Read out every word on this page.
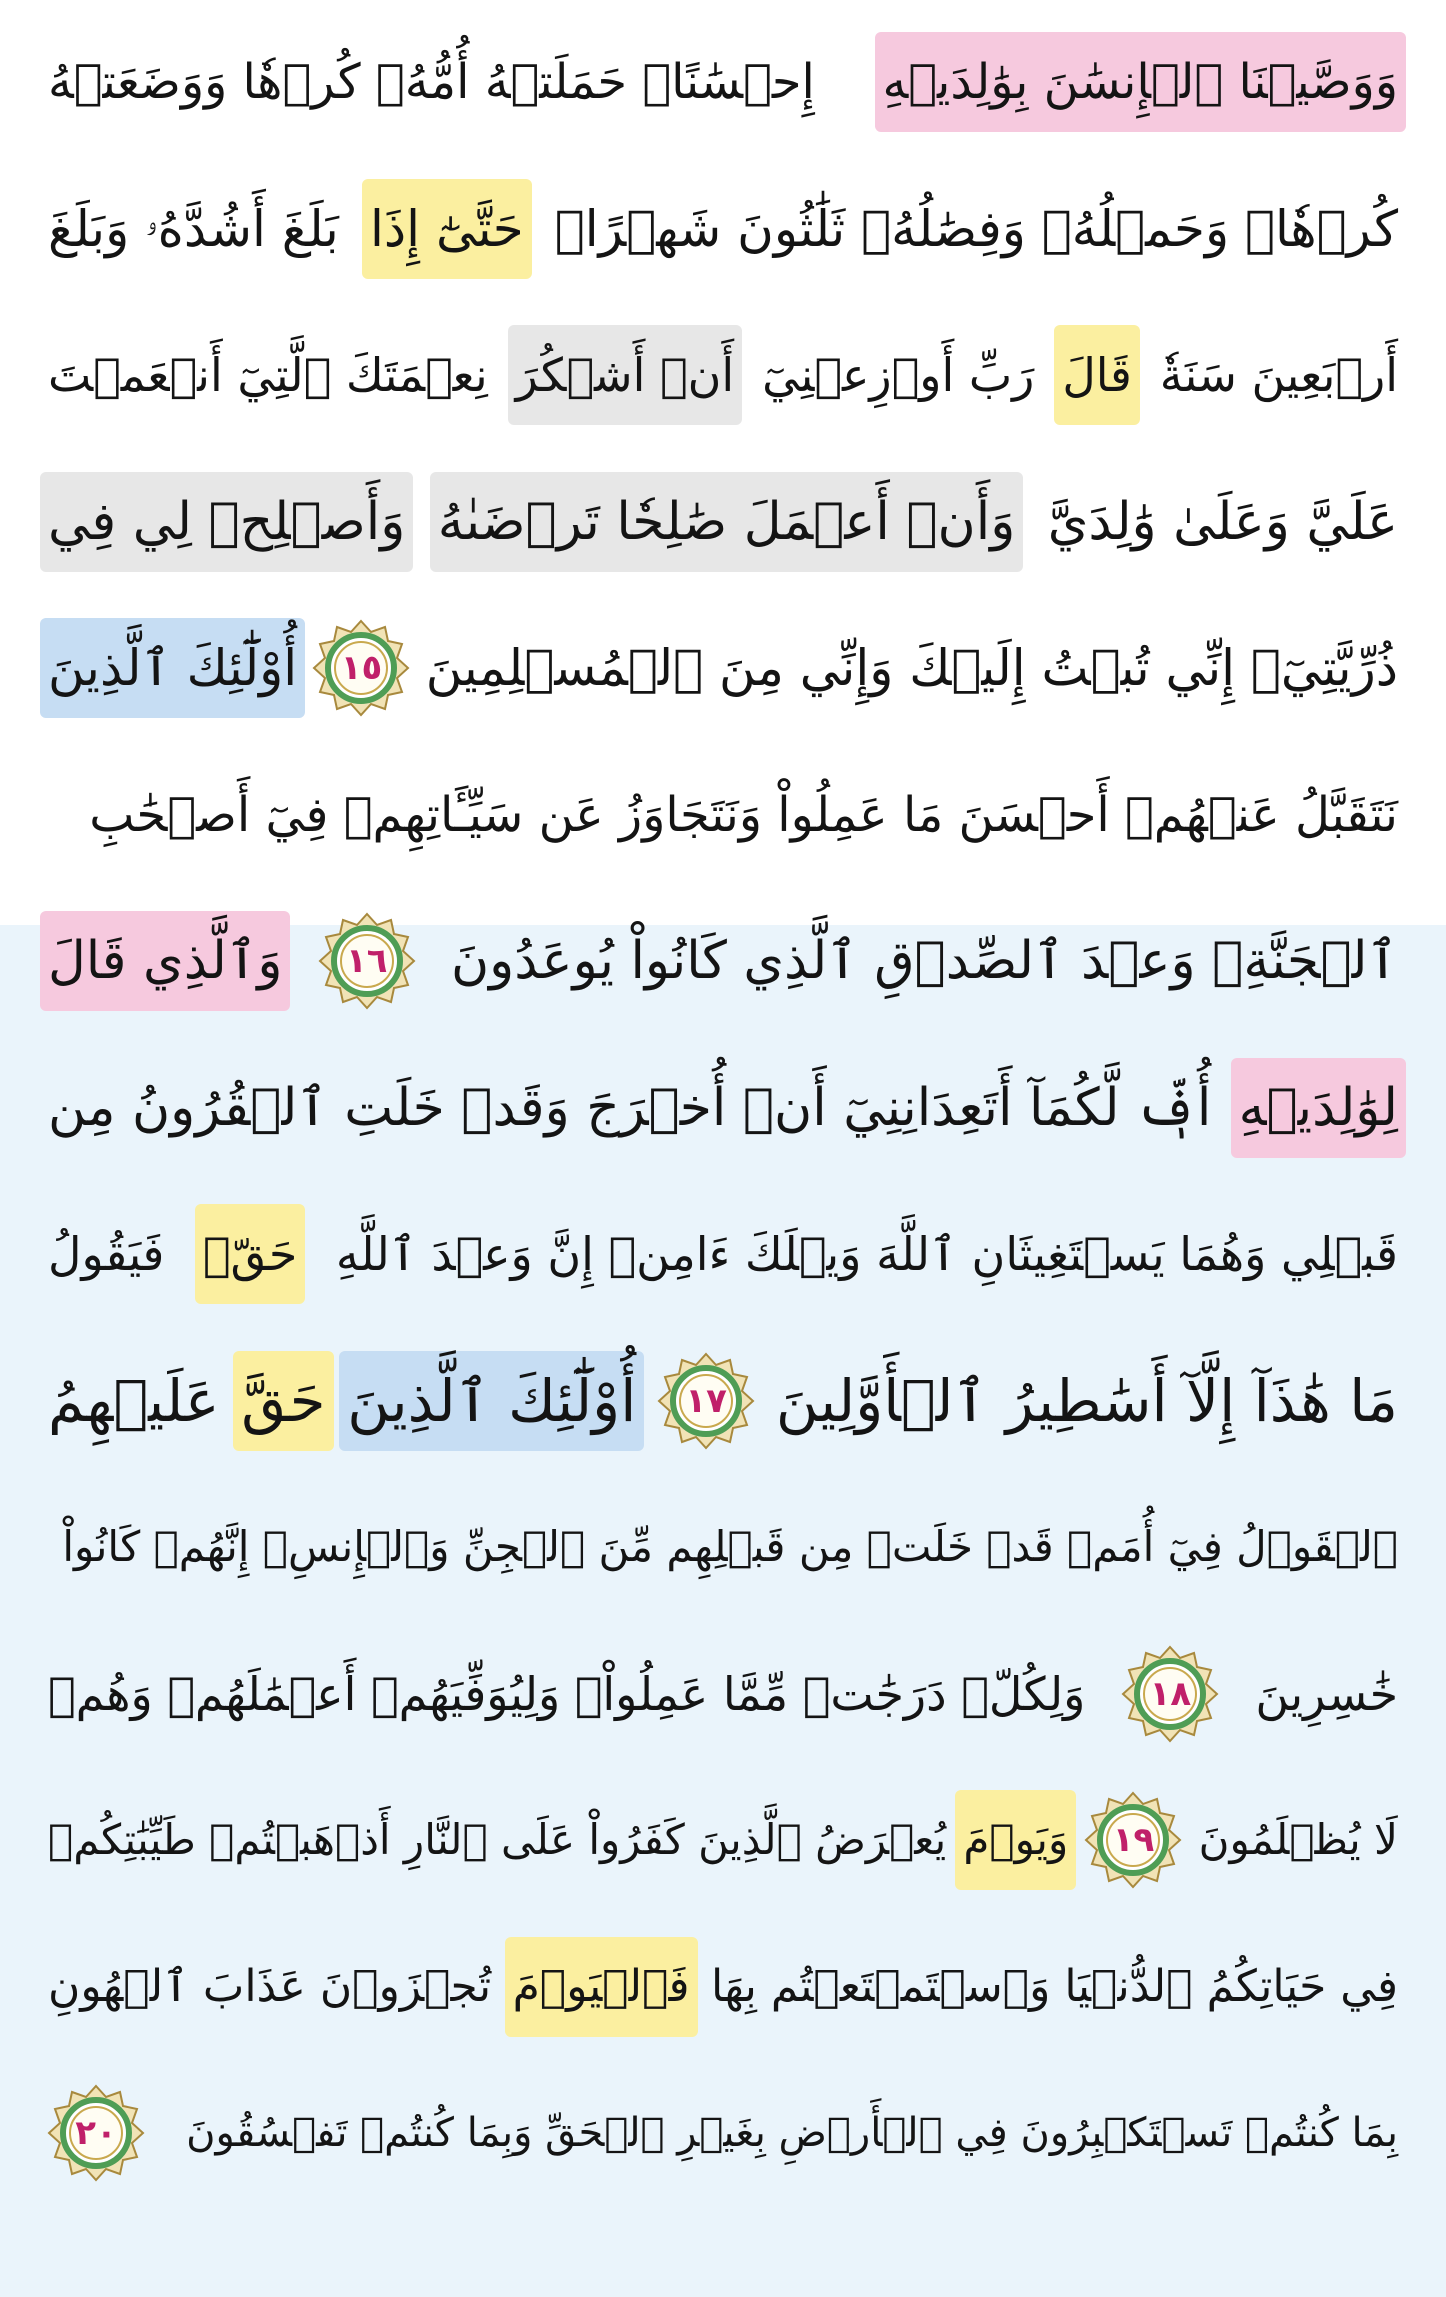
وَوَصَّيۡنَا ٱلۡإِنسَٰنَ بِوَٰلِدَيۡهِ
إِحۡسَٰنًاۖ حَمَلَتۡهُ أُمُّهُۥ كُرۡهٗا وَوَضَعَتۡهُ
كُرۡهٗاۖ وَحَمۡلُهُۥ وَفِصَٰلُهُۥ ثَلَٰثُونَ شَهۡرًاۚ
حَتَّىٰٓ إِذَا
بَلَغَ أَشُدَّهُۥ وَبَلَغَ
أَرۡبَعِينَ سَنَةٗ
قَالَ
رَبِّ أَوۡزِعۡنِيٓ
أَنۡ أَشۡكُرَ
نِعۡمَتَكَ ٱلَّتِيٓ أَنۡعَمۡتَ
عَلَيَّ وَعَلَىٰ وَٰلِدَيَّ
وَأَنۡ أَعۡمَلَ صَٰلِحٗا تَرۡضَىٰهُ
وَأَصۡلِحۡ لِي فِي
ذُرِّيَّتِيٓۖ إِنِّي تُبۡتُ إِلَيۡكَ وَإِنِّي مِنَ ٱلۡمُسۡلِمِينَ
١٥
أُوْلَٰٓئِكَ ٱلَّذِينَ
نَتَقَبَّلُ عَنۡهُمۡ أَحۡسَنَ مَا عَمِلُواْ وَنَتَجَاوَزُ عَن سَيِّـَٔاتِهِمۡ فِيٓ أَصۡحَٰبِ
ٱلۡجَنَّةِۖ وَعۡدَ ٱلصِّدۡقِ ٱلَّذِي كَانُواْ يُوعَدُونَ
١٦
وَٱلَّذِي قَالَ
لِوَٰلِدَيۡهِ
أُفّٖ لَّكُمَآ أَتَعِدَانِنِيٓ أَنۡ أُخۡرَجَ وَقَدۡ خَلَتِ ٱلۡقُرُونُ مِن
قَبۡلِي وَهُمَا يَسۡتَغِيثَانِ ٱللَّهَ وَيۡلَكَ ءَامِنۡ إِنَّ وَعۡدَ ٱللَّهِ
حَقّٞ
فَيَقُولُ
مَا هَٰذَآ إِلَّآ أَسَٰطِيرُ ٱلۡأَوَّلِينَ
١٧
أُوْلَٰٓئِكَ ٱلَّذِينَ
حَقَّ
عَلَيۡهِمُ
ٱلۡقَوۡلُ فِيٓ أُمَمٖ قَدۡ خَلَتۡ مِن قَبۡلِهِم مِّنَ ٱلۡجِنِّ وَٱلۡإِنسِۖ إِنَّهُمۡ كَانُواْ
خَٰسِرِينَ
١٨
وَلِكُلّٖ دَرَجَٰتٞ مِّمَّا عَمِلُواْۖ وَلِيُوَفِّيَهُمۡ أَعۡمَٰلَهُمۡ وَهُمۡ
لَا يُظۡلَمُونَ
١٩
وَيَوۡمَ
يُعۡرَضُ ٱلَّذِينَ كَفَرُواْ عَلَى ٱلنَّارِ أَذۡهَبۡتُمۡ طَيِّبَٰتِكُمۡ
فِي حَيَاتِكُمُ ٱلدُّنۡيَا وَٱسۡتَمۡتَعۡتُم بِهَا
فَٱلۡيَوۡمَ
تُجۡزَوۡنَ عَذَابَ ٱلۡهُونِ
بِمَا كُنتُمۡ تَسۡتَكۡبِرُونَ فِي ٱلۡأَرۡضِ بِغَيۡرِ ٱلۡحَقِّ وَبِمَا كُنتُمۡ تَفۡسُقُونَ
٢٠
